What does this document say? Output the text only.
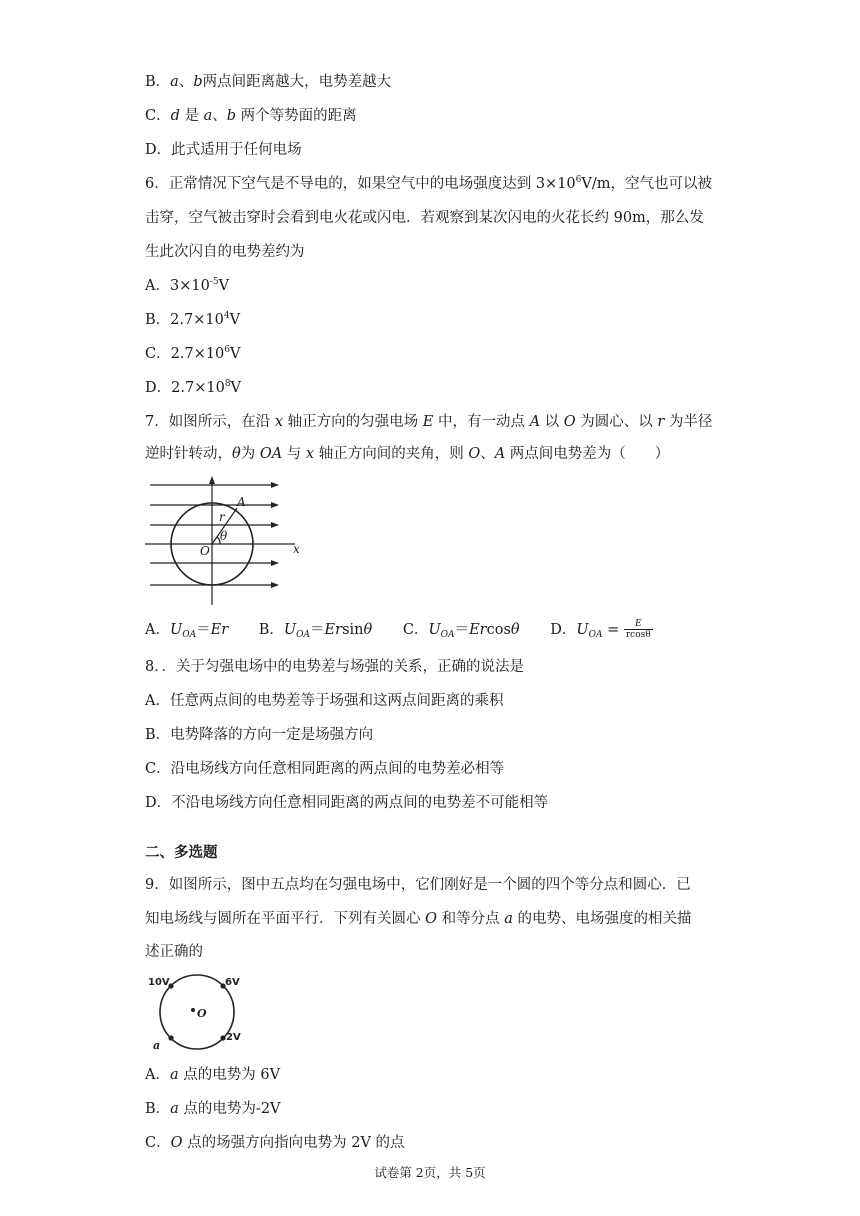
B．a、b两点间距离越大，电势差越大
C．d 是 a、b 两个等势面的距离
D．此式适用于任何电场
6．正常情况下空气是不导电的，如果空气中的电场强度达到 $3\times 10^6V/m$，空气也可以被
击穿，空气被击穿时会看到电火花或闪电．若观察到某次闪电的火花长约 90m，那么发
生此次闪自的电势差约为
A．$3\times 10^{-5}V$
B．$2.7\times 10^4V$
C．$2.7\times 10^6V$
D．$2.7\times 10^8V$
7．如图所示，在沿 x 轴正方向的匀强电场 E 中，有一动点 A 以 O 为圆心、以 r 为半径
逆时针转动，θ为 OA 与 x 轴正方向间的夹角，则 O、A 两点间电势差为（　　）
A
r
O
θ
x
A．$U_{OA}=Er$ B．$U_{OA}=Ersin\theta$ C．$U_{OA}=Ercos\theta$ D．$U_{OA} = \frac{E}{rcos\theta}$
8．．关于匀强电场中的电势差与场强的关系，正确的说法是
A．任意两点间的电势差等于场强和这两点间距离的乘积
B．电势降落的方向一定是场强方向
C．沿电场线方向任意相同距离的两点间的电势差必相等
D．不沿电场线方向任意相同距离的两点间的电势差不可能相等
二、多选题
9．如图所示，图中五点均在匀强电场中，它们刚好是一个圆的四个等分点和圆心．已
知电场线与圆所在平面平行．下列有关圆心 O 和等分点 a 的电势、电场强度的相关描
述正确的
10V	6V
2V
O
a
A．a 点的电势为 6V
B．a 点的电势为-2V
C．O 点的场强方向指向电势为 2V 的点
试卷第 2页，共 5页
